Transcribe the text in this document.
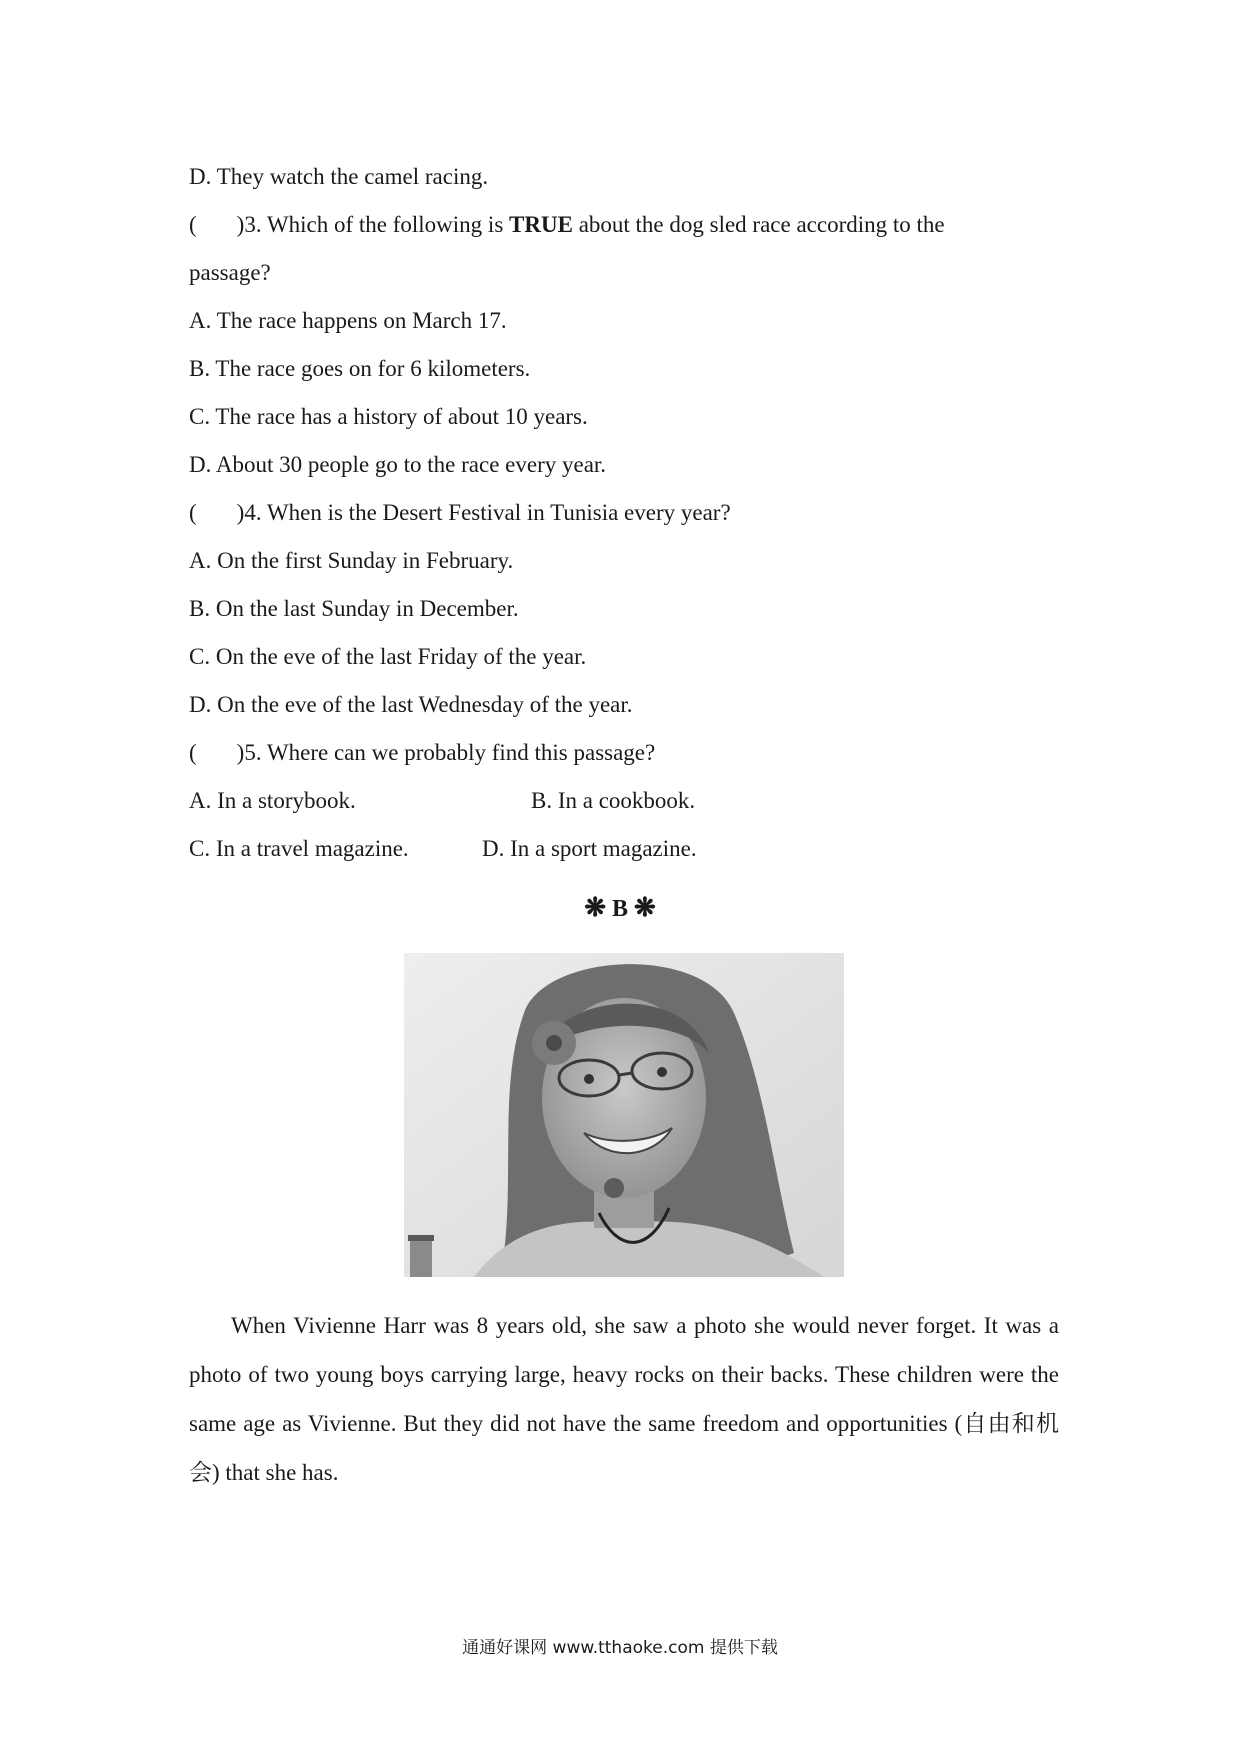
D. They watch the camel racing.
( )3. Which of the following is TRUE about the dog sled race according to the
passage?
A. The race happens on March 17.
B. The race goes on for 6 kilometers.
C. The race has a history of about 10 years.
D. About 30 people go to the race every year.
( )4. When is the Desert Festival in Tunisia every year?
A. On the first Sunday in February.
B. On the last Sunday in December.
C. On the eve of the last Friday of the year.
D. On the eve of the last Wednesday of the year.
( )5. Where can we probably find this passage?
A. In a storybook.	B. In a cookbook.
C. In a travel magazine.	D. In a sport magazine.
❋ B ❋
When Vivienne Harr was 8 years old, she saw a photo she would never forget. It was a photo of two young boys carrying large, heavy rocks on their backs. These children were the same age as Vivienne. But they did not have the same freedom and opportunities (自由和机会) that she has.
通通好课网 www.tthaoke.com 提供下载
